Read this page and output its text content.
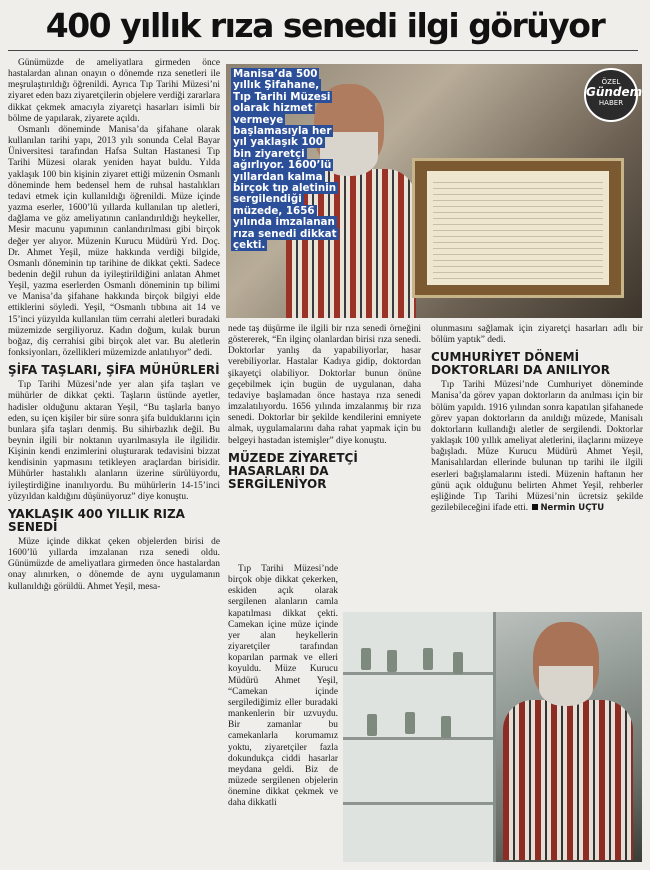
400 yıllık rıza senedi ilgi görüyor

Günümüzde de ameliyatlara girmeden önce hastalardan alınan onayın o dönemde rıza senetleri ile meşrulaştırıldığı öğrenildi. Ayrıca Tıp Tarihi Müzesi’ni ziyaret eden bazı ziyaretçilerin objelere verdiği zararlara dikkat çekmek amacıyla ziyaretçi hasarları isimli bir bölme de yapılarak, ziyarete açıldı.

Osmanlı döneminde Manisa’da şifahane olarak kullanılan tarihi yapı, 2013 yılı sonunda Celal Bayar Üniversitesi tarafından Hafsa Sultan Hastanesi Tıp Tarihi Müzesi olarak yeniden hayat buldu. Yılda yaklaşık 100 bin kişinin ziyaret ettiği müzenin Osmanlı döneminde hem bedensel hem de ruhsal hastalıkları tedavi etmek için kullanıldığı öğrenildi. Müze içinde yazma eserler, 1600’lü yıllarda kullanılan tıp aletleri, dağlama ve göz ameliyatının canlandırıldığı heykeller, Mesir macunu yapımının canlandırılması gibi birçok değer yer alıyor. Müzenin Kurucu Müdürü Yrd. Doç. Dr. Ahmet Yeşil, müze hakkında verdiği bilgide, Osmanlı döneminin tıp tarihine de dikkat çekti. Sadece bedenin değil ruhun da iyileştirildiğini anlatan Ahmet Yeşil, yazma eserlerden Osmanlı döneminin tıp bilimi ve Manisa’da şifahane hakkında birçok bilgiyi elde ettiklerini söyledi. Yeşil, “Osmanlı tıbbına ait 14 ve 15’inci yüzyılda kullanılan tüm cerrahi aletleri buradaki müzemizde sergiliyoruz. Kadın doğum, kulak burun boğaz, diş cerrahisi gibi birçok alet var. Bu aletlerin fonksiyonları, özellikleri müzemizde anlatılıyor” dedi.

ŞİFA TAŞLARI, ŞİFA MÜHÜRLERİ

Tıp Tarihi Müzesi’nde yer alan şifa taşları ve mühürler de dikkat çekti. Taşların üstünde ayetler, hadisler olduğunu aktaran Yeşil, “Bu taşlarla banyo eden, su içen kişiler bir süre sonra şifa bulduklarını için bunlara şifa taşları denmiş. Bu sihirbazlık değil. Bu beynin ilgili bir noktanın uyarılmasıyla ile ilgilidir. Kişinin kendi enzimlerini oluşturarak tedavisini bizzat kendisinin yapmasını tetikleyen araçlardan birisidir. Mühürler hastalıklı alanların üzerine sürülüyordu, iyileştirdiğine inanılıyordu. Bu mühürlerin 14-15’inci yüzyıldan kaldığını düşünüyoruz” diye konuştu.

YAKLAŞIK 400 YILLIK RIZA SENEDİ

Müze içinde dikkat çeken objelerden birisi de 1600’lü yıllarda imzalanan rıza senedi oldu. Günümüzde de ameliyatlara girmeden önce hastalardan onay alınırken, o dönemde de aynı uygulamanın kullanıldığı görüldü. Ahmet Yeşil, mesa-

Manisa’da 500 yıllık Şifahane, Tıp Tarihi Müzesi olarak hizmet vermeye başlamasıyla her yıl yaklaşık 100 bin ziyaretçi ağırlıyor. 1600’lü yıllardan kalma birçok tıp aletinin sergilendiği müzede, 1656 yılında imzalanan rıza senedi dikkat çekti.
ÖZEL
Gündem
HABER

nede taş düşürme ile ilgili bir rıza senedi örneğini göstererek, “En ilginç olanlardan birisi rıza senedi. Doktorlar yanlış da yapabiliyorlar, hasar verebiliyorlar. Hastalar Kadıya gidip, doktordan şikayetçi olabiliyor. Doktorlar bunun önüne geçebilmek için bugün de uygulanan, daha tedaviye başlamadan önce hastaya rıza senedi imzalatılıyordu. 1656 yılında imzalanmış bir rıza senedi. Doktorlar bir şekilde kendilerini emniyete almak, uygulamalarını daha rahat yapmak için bu belgeyi hastadan istemişler” diye konuştu.

MÜZEDE ZİYARETÇİ HASARLARI DA SERGİLENİYOR

Tıp Tarihi Müzesi’nde birçok obje dikkat çekerken, eskiden açık olarak sergilenen alanların camla kapatılması dikkat çekti. Camekan içine müze içinde yer alan heykellerin ziyaretçiler tarafından koparılan parmak ve elleri koyuldu. Müze Kurucu Müdürü Ahmet Yeşil, “Camekan içinde sergilediğimiz eller buradaki mankenlerin bir uzvuydu. Bir zamanlar bu camekanlarla korumamız yoktu, ziyaretçiler fazla dokundukça ciddi hasarlar meydana geldi. Biz de müzede sergilenen objelerin önemine dikkat çekmek ve daha dikkatli

olunmasını sağlamak için ziyaretçi hasarları adlı bir bölüm yaptık” dedi.

CUMHURİYET DÖNEMİ DOKTORLARI DA ANILIYOR

Tıp Tarihi Müzesi’nde Cumhuriyet döneminde Manisa’da görev yapan doktorların da anılması için bir bölüm yapıldı. 1916 yılından sonra kapatılan şifahanede görev yapan doktorların da anıldığı müzede, Manisalı doktorların kullandığı aletler de sergilendi. Doktorlar yaklaşık 100 yıllık ameliyat aletlerini, ilaçlarını müzeye bağışladı. Müze Kurucu Müdürü Ahmet Yeşil, Manisalılardan ellerinde bulunan tıp tarihi ile ilgili eserleri bağışlamalarını istedi. Müzenin haftanın her günü açık olduğunu belirten Ahmet Yeşil, rehberler eşliğinde Tıp Tarihi Müzesi’nin ücretsiz şekilde gezilebileceğini ifade etti. Nermin UÇTU
